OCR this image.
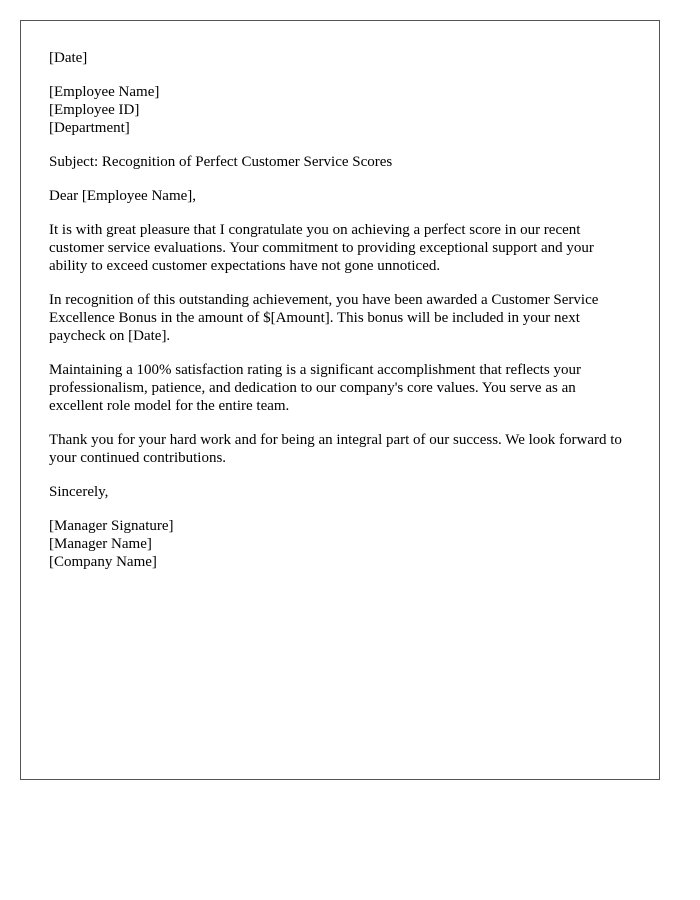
[Date]
[Employee Name]
[Employee ID]
[Department]
Subject: Recognition of Perfect Customer Service Scores
Dear [Employee Name],

It is with great pleasure that I congratulate you on achieving a perfect score in our recent customer service evaluations. Your commitment to providing exceptional support and your ability to exceed customer expectations have not gone unnoticed.

In recognition of this outstanding achievement, you have been awarded a Customer Service Excellence Bonus in the amount of $[Amount]. This bonus will be included in your next paycheck on [Date].

Maintaining a 100% satisfaction rating is a significant accomplishment that reflects your professionalism, patience, and dedication to our company's core values. You serve as an excellent role model for the entire team.

Thank you for your hard work and for being an integral part of our success. We look forward to your continued contributions.

Sincerely,
[Manager Signature]
[Manager Name]
[Company Name]
